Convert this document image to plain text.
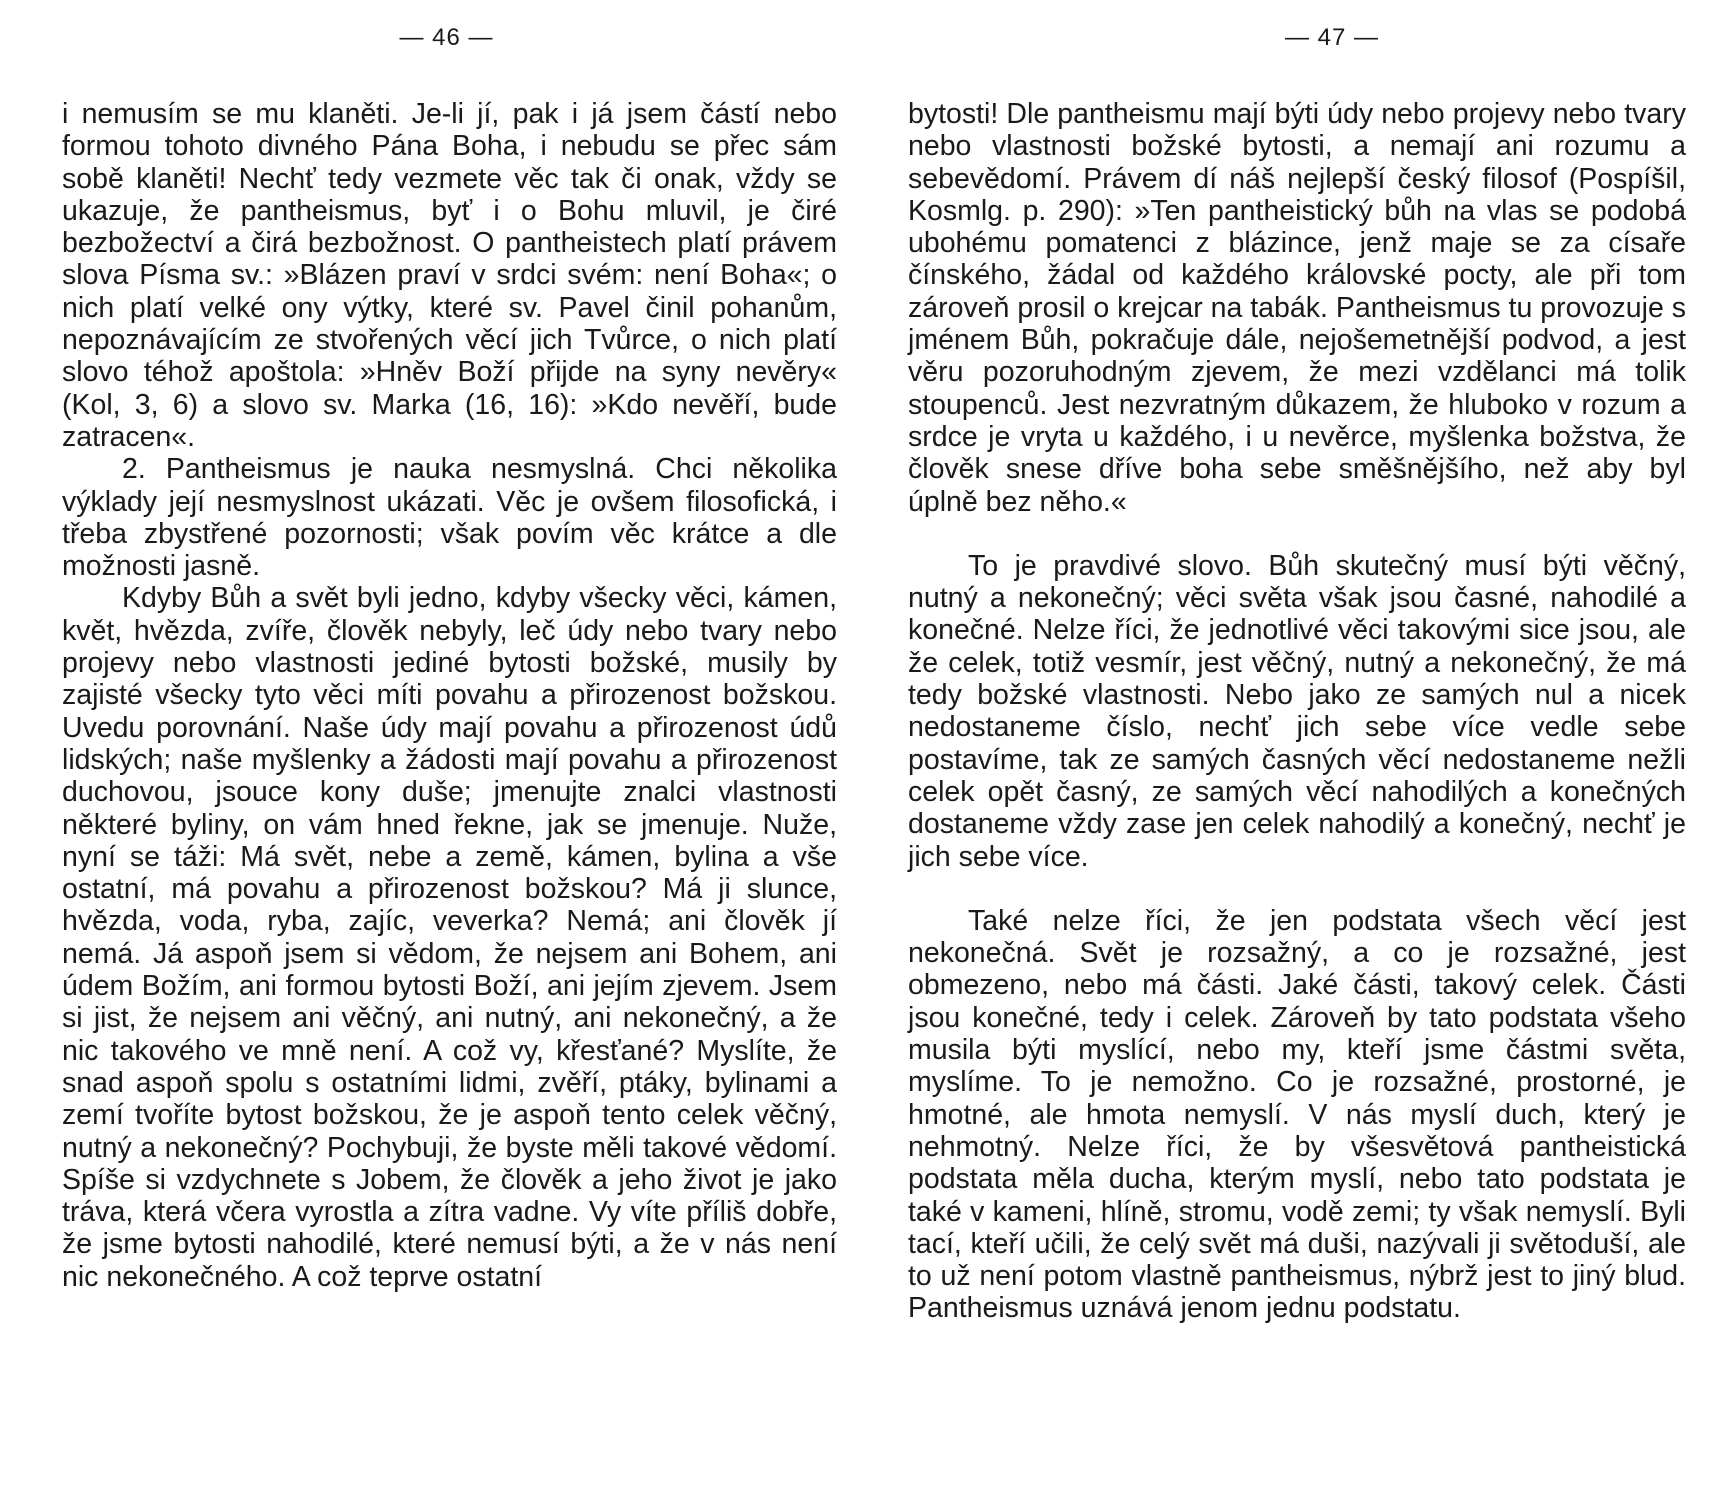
— 46 —

i nemusím se mu klaněti. Je-li jí, pak i já jsem částí nebo formou tohoto divného Pána Boha, i nebudu se přec sám sobě klaněti! Nechť tedy vezmete věc tak či onak, vždy se ukazuje, že pantheismus, byť i o Bohu mluvil, je čiré bezbožectví a čirá bezbožnost. O pantheistech platí právem slova Písma sv.: »Blázen praví v srdci svém: není Boha«; o nich platí velké ony výtky, které sv. Pavel činil pohanům, nepoznávajícím ze stvořených věcí jich Tvůrce, o nich platí slovo téhož apoštola: »Hněv Boží přijde na syny nevěry« (Kol, 3, 6) a slovo sv. Marka (16, 16): »Kdo nevěří, bude zatracen«.

2. Pantheismus je nauka nesmyslná. Chci několika výklady její nesmyslnost ukázati. Věc je ovšem filosofická, i třeba zbystřené pozornosti; však povím věc krátce a dle možnosti jasně.

Kdyby Bůh a svět byli jedno, kdyby všecky věci, kámen, květ, hvězda, zvíře, člověk nebyly, leč údy nebo tvary nebo projevy nebo vlastnosti jediné bytosti božské, musily by zajisté všecky tyto věci míti povahu a přirozenost božskou. Uvedu porovnání. Naše údy mají povahu a přirozenost údů lidských; naše myšlenky a žádosti mají povahu a přirozenost duchovou, jsouce kony duše; jmenujte znalci vlastnosti některé byliny, on vám hned řekne, jak se jmenuje. Nuže, nyní se táži: Má svět, nebe a země, kámen, bylina a vše ostatní, má povahu a přirozenost božskou? Má ji slunce, hvězda, voda, ryba, zajíc, veverka? Nemá; ani člověk jí nemá. Já aspoň jsem si vědom, že nejsem ani Bohem, ani údem Božím, ani formou bytosti Boží, ani jejím zjevem. Jsem si jist, že nejsem ani věčný, ani nutný, ani nekonečný, a že nic takového ve mně není. A což vy, křesťané? Myslíte, že snad aspoň spolu s ostatními lidmi, zvěří, ptáky, bylinami a zemí tvoříte bytost božskou, že je aspoň tento celek věčný, nutný a nekonečný? Pochybuji, že byste měli takové vědomí. Spíše si vzdychnete s Jobem, že člověk a jeho život je jako tráva, která včera vyrostla a zítra vadne. Vy víte příliš dobře, že jsme bytosti nahodilé, které nemusí býti, a že v nás není nic nekonečného. A což teprve ostatní

— 47 —

bytosti! Dle pantheismu mají býti údy nebo projevy nebo tvary nebo vlastnosti božské bytosti, a nemají ani rozumu a sebevědomí. Právem dí náš nejlepší český filosof (Pospíšil, Kosmlg. p. 290): »Ten pantheistický bůh na vlas se podobá ubohému pomatenci z blázince, jenž maje se za císaře čínského, žádal od každého královské pocty, ale při tom zároveň prosil o krejcar na tabák. Pantheismus tu provozuje s jménem Bůh, pokračuje dále, nejošemetnější podvod, a jest věru pozoruhodným zjevem, že mezi vzdělanci má tolik stoupenců. Jest nezvratným důkazem, že hluboko v rozum a srdce je vryta u každého, i u nevěrce, myšlenka božstva, že člověk snese dříve boha sebe směšnějšího, než aby byl úplně bez něho.«

To je pravdivé slovo. Bůh skutečný musí býti věčný, nutný a nekonečný; věci světa však jsou časné, nahodilé a konečné. Nelze říci, že jednotlivé věci takovými sice jsou, ale že celek, totiž vesmír, jest věčný, nutný a nekonečný, že má tedy božské vlastnosti. Nebo jako ze samých nul a nicek nedostaneme číslo, nechť jich sebe více vedle sebe postavíme, tak ze samých časných věcí nedostaneme nežli celek opět časný, ze samých věcí nahodilých a konečných dostaneme vždy zase jen celek nahodilý a konečný, nechť je jich sebe více.

Také nelze říci, že jen podstata všech věcí jest nekonečná. Svět je rozsažný, a co je rozsažné, jest obmezeno, nebo má části. Jaké části, takový celek. Části jsou konečné, tedy i celek. Zároveň by tato podstata všeho musila býti myslící, nebo my, kteří jsme částmi světa, myslíme. To je nemožno. Co je rozsažné, prostorné, je hmotné, ale hmota nemyslí. V nás myslí duch, který je nehmotný. Nelze říci, že by všesvětová pantheistická podstata měla ducha, kterým myslí, nebo tato podstata je také v kameni, hlíně, stromu, vodě zemi; ty však nemyslí. Byli tací, kteří učili, že celý svět má duši, nazývali ji světoduší, ale to už není potom vlastně pantheismus, nýbrž jest to jiný blud. Pantheismus uznává jenom jednu podstatu.
